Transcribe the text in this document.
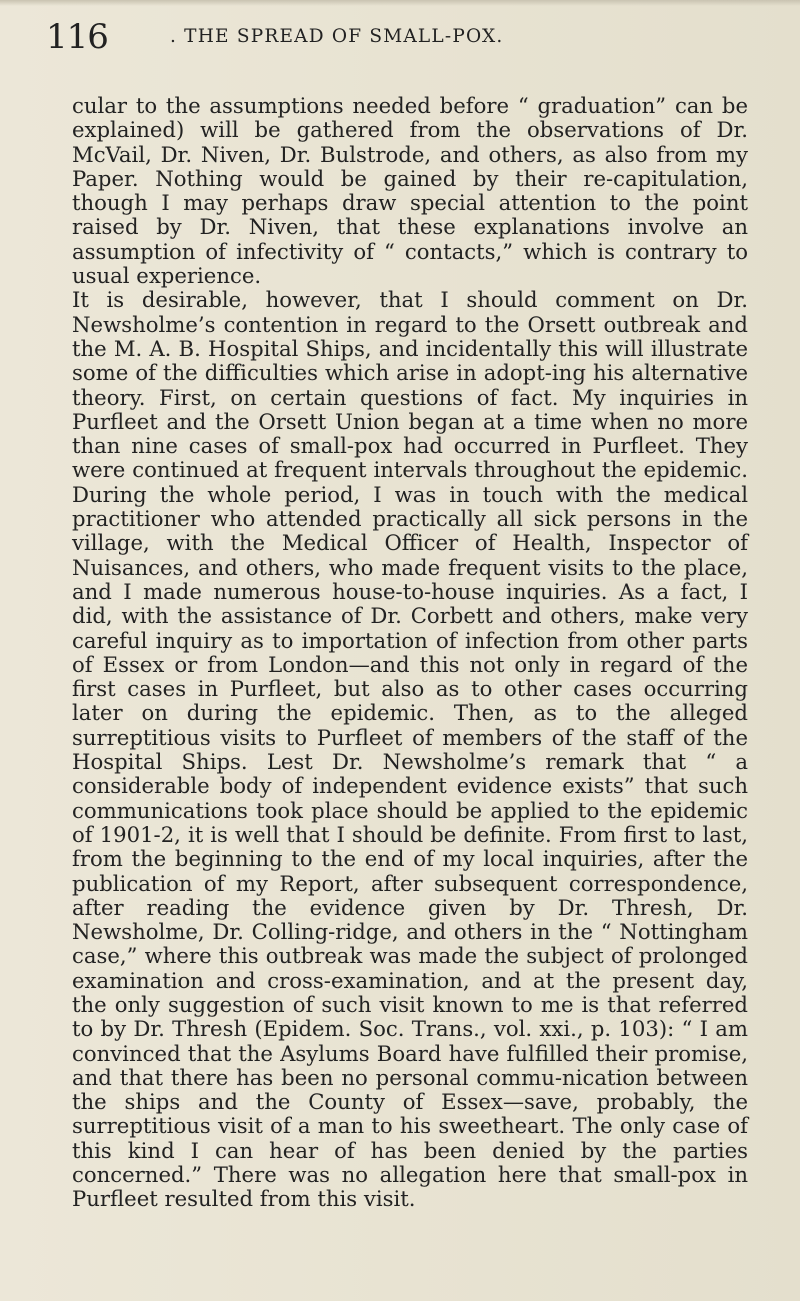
116	. THE SPREAD OF SMALL-POX.

cular to the assumptions needed before “ graduation” can be explained) will be gathered from the observations of Dr. McVail, Dr. Niven, Dr. Bulstrode, and others, as also from my Paper. Nothing would be gained by their re-capitulation, though I may perhaps draw special attention to the point raised by Dr. Niven, that these explanations involve an assumption of infectivity of “ contacts,” which is contrary to usual experience.

It is desirable, however, that I should comment on Dr. Newsholme’s contention in regard to the Orsett outbreak and the M. A. B. Hospital Ships, and incidentally this will illustrate some of the difficulties which arise in adopt-ing his alternative theory. First, on certain questions of fact. My inquiries in Purfleet and the Orsett Union began at a time when no more than nine cases of small-pox had occurred in Purfleet. They were continued at frequent intervals throughout the epidemic. During the whole period, I was in touch with the medical practitioner who attended practically all sick persons in the village, with the Medical Officer of Health, Inspector of Nuisances, and others, who made frequent visits to the place, and I made numerous house-to-house inquiries. As a fact, I did, with the assistance of Dr. Corbett and others, make very careful inquiry as to importation of infection from other parts of Essex or from London—and this not only in regard of the first cases in Purfleet, but also as to other cases occurring later on during the epidemic. Then, as to the alleged surreptitious visits to Purfleet of members of the staff of the Hospital Ships. Lest Dr. Newsholme’s remark that “ a considerable body of independent evidence exists” that such communications took place should be applied to the epidemic of 1901-2, it is well that I should be definite. From first to last, from the beginning to the end of my local inquiries, after the publication of my Report, after subsequent correspondence, after reading the evidence given by Dr. Thresh, Dr. Newsholme, Dr. Colling-ridge, and others in the “ Nottingham case,” where this outbreak was made the subject of prolonged examination and cross-examination, and at the present day, the only suggestion of such visit known to me is that referred to by Dr. Thresh (Epidem. Soc. Trans., vol. xxi., p. 103): “ I am convinced that the Asylums Board have fulfilled their promise, and that there has been no personal commu-nication between the ships and the County of Essex—save, probably, the surreptitious visit of a man to his sweetheart. The only case of this kind I can hear of has been denied by the parties concerned.” There was no allegation here that small-pox in Purfleet resulted from this visit.
